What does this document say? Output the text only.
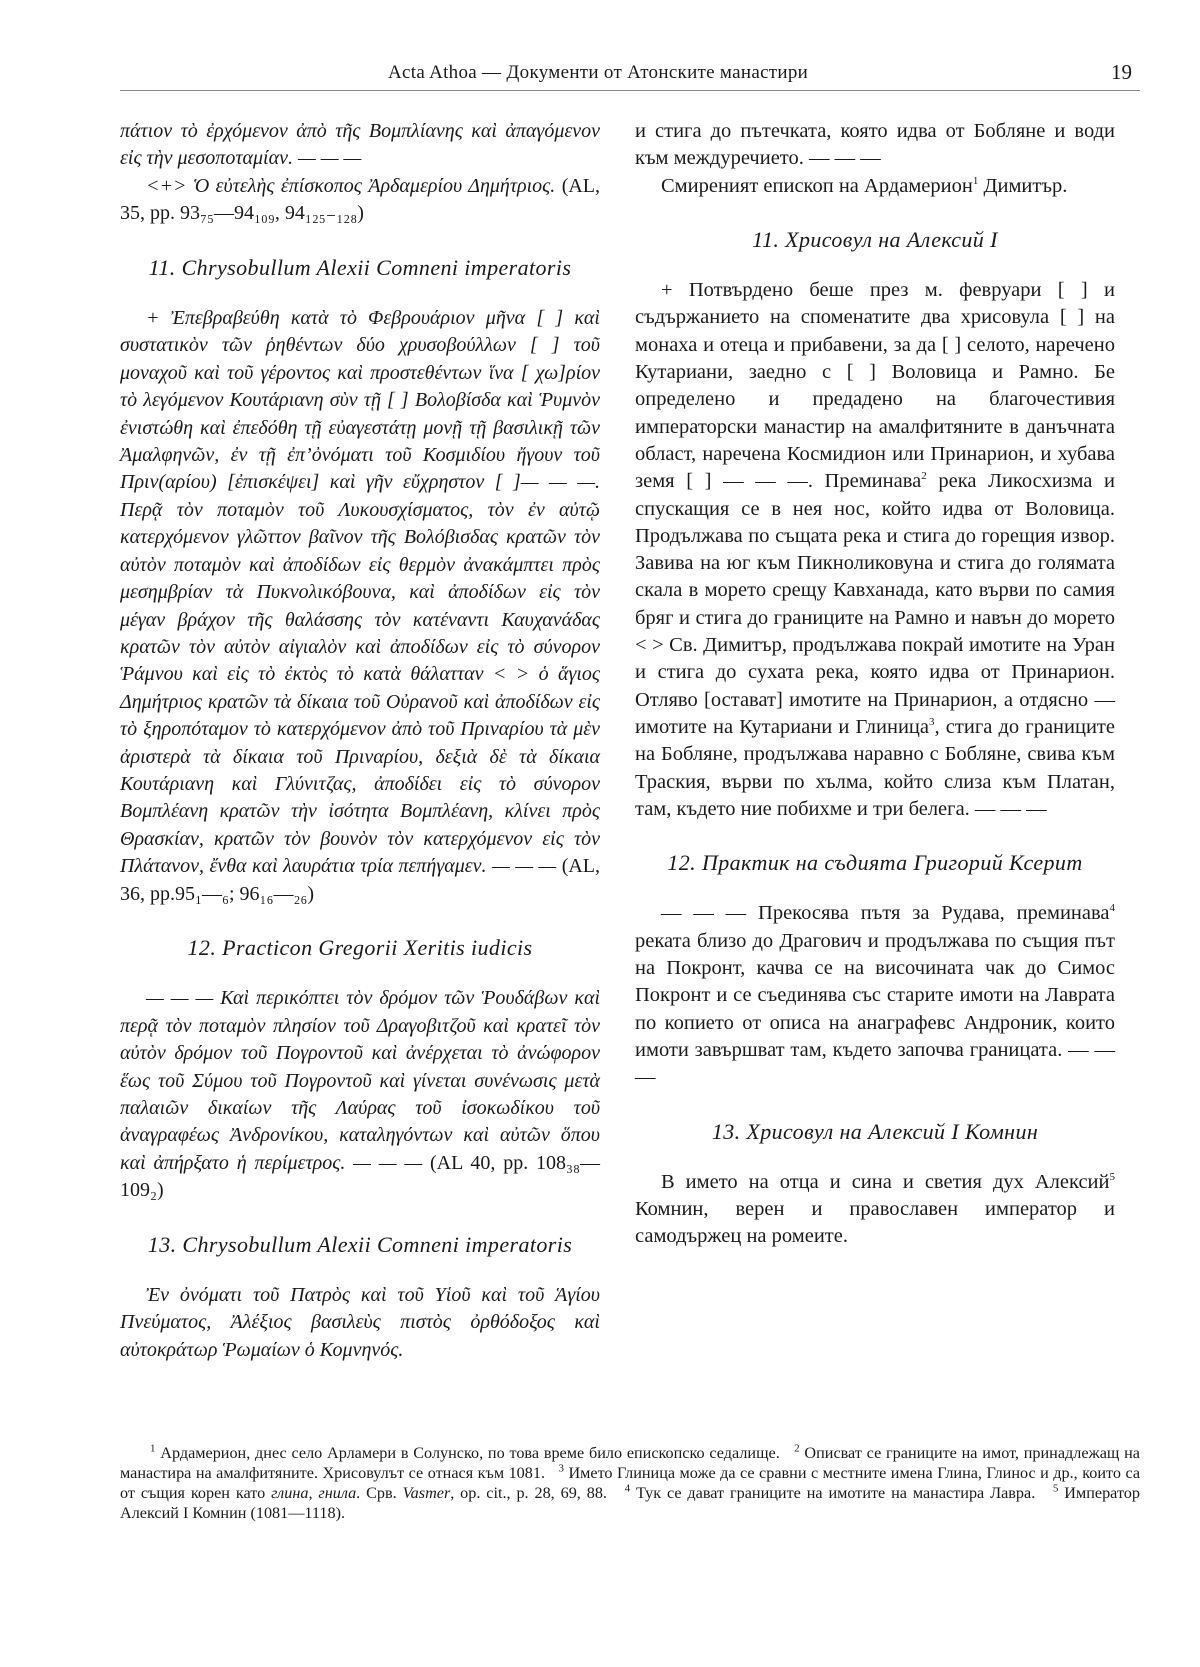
Acta Athoa — Документи от Атонските манастири	19

πάτιον τὸ ἐρχόμενον ἀπὸ τῆς Βομπλίανης καὶ ἀπαγόμενον εἰς τὴν μεσοποταμίαν. — — —

<+> Ὁ εὐτελὴς ἐπίσκοπος Ἀρδαμερίου Δημήτριος. (AL, 35, pp. 93₇₅—94₁₀₉, 94₁₂₅₋₁₂₈)

11. Chrysobullum Alexii Comneni imperatoris

+ Ἐπεβραβεύθη κατὰ τὸ Φεβρουάριον μῆνα [ ] καὶ συστατικὸν τῶν ῥηθέντων δύο χρυσοβούλλων [ ] τοῦ μοναχοῦ καὶ τοῦ γέροντος καὶ προστεθέντων ἵνα [ χω]ρίον τὸ λεγόμενον Κουτάριανη σὺν τῇ [ ] Βολοβίσδα καὶ Ῥυμνὸν ἐνιστώθη καὶ ἐπεδόθη τῇ εὐαγεστάτῃ μονῇ τῇ βασιλικῇ τῶν Ἀμαλφηνῶν, ἐν τῇ ἐπ’ὀνόματι τοῦ Κοσμιδίου ἤγουν τοῦ Πριν(αρίου) [ἐπισκέψει] καὶ γῆν εὔχρηστον [ ]— — —. Περᾷ τὸν ποταμὸν τοῦ Λυκουσχίσματος, τὸν ἐν αὐτῷ κατερχόμενον γλῶττον βαῖνον τῆς Βολόβισδας κρατῶν τὸν αὐτὸν ποταμὸν καὶ ἀποδίδων εἰς θερμὸν ἀνακάμπτει πρὸς μεσημβρίαν τὰ Πυκνολικόβουνα, καὶ ἀποδίδων εἰς τὸν μέγαν βράχον τῆς θαλάσσης τὸν κατέναντι Καυχανάδας κρατῶν τὸν αὐτὸν αἰγιαλὸν καὶ ἀποδίδων εἰς τὸ σύνορον Ῥάμνου καὶ εἰς τὸ ἐκτὸς τὸ κατὰ θάλατταν < > ὁ ἅγιος Δημήτριος κρατῶν τὰ δίκαια τοῦ Οὐρανοῦ καὶ ἀποδίδων εἰς τὸ ξηροπόταμον τὸ κατερχόμενον ἀπὸ τοῦ Πριναρίου τὰ μὲν ἀριστερὰ τὰ δίκαια τοῦ Πριναρίου, δεξιὰ δὲ τὰ δίκαια Κουτάριανη καὶ Γλύνιτζας, ἀποδίδει εἰς τὸ σύνορον Βομπλέανη κρατῶν τὴν ἰσότητα Βομπλέανη, κλίνει πρὸς Θρασκίαν, κρατῶν τὸν βουνὸν τὸν κατερχόμενον εἰς τὸν Πλάτανον, ἔνθα καὶ λαυράτια τρία πεπήγαμεν. — — — (AL, 36, pp.95₁—₆; 96₁₆—₂₆)

12. Practicon Gregorii Xeritis iudicis

— — — Καὶ περικόπτει τὸν δρόμον τῶν Ῥουδάβων καὶ περᾷ τὸν ποταμὸν πλησίον τοῦ Δραγοβιτζοῦ καὶ κρατεῖ τὸν αὐτὸν δρόμον τοῦ Πογροντοῦ καὶ ἀνέρχεται τὸ ἀνώφορον ἕως τοῦ Σύμου τοῦ Πογροντοῦ καὶ γίνεται συνένωσις μετὰ παλαιῶν δικαίων τῆς Λαύρας τοῦ ἰσοκωδίκου τοῦ ἀναγραφέως Ἀνδρονίκου, καταληγόντων καὶ αὐτῶν ὅπου καὶ ἀπήρξατο ἡ περίμετρος. — — — (AL 40, pp. 108₃₈—109₂)

13. Chrysobullum Alexii Comneni imperatoris

Ἐν ὀνόματι τοῦ Πατρὸς καὶ τοῦ Υἱοῦ καὶ τοῦ Ἁγίου Πνεύματος, Ἀλέξιος βασιλεὺς πιστὸς ὀρθόδοξος καὶ αὐτοκράτωρ Ῥωμαίων ὁ Κομνηνός.

и стига до пътечката, която идва от Бобляне и води към междуречието. — — —

Смиреният епископ на Ардамерион$^1$ Димитър.

11. Хрисовул на Алексий I

+ Потвърдено беше през м. февруари [ ] и съдържанието на споменатите два хрисовула [ ] на монаха и отеца и прибавени, за да [ ] селото, наречено Кутариани, заедно с [ ] Воловица и Рамно. Бе определено и предадено на благочестивия императорски манастир на амалфитяните в данъчната област, наречена Космидион или Принарион, и хубава земя [ ] — — —. Преминава$^2$ река Ликосхизма и спускащия се в нея нос, който идва от Воловица. Продължава по същата река и стига до горещия извор. Завива на юг към Пикноликовуна и стига до голямата скала в морето срещу Кавханада, като върви по самия бряг и стига до границите на Рамно и навън до морето < > Св. Димитър, продължава покрай имотите на Уран и стига до сухата река, която идва от Принарион. Отляво [остават] имотите на Принарион, а отдясно — имотите на Кутариани и Глиница$^3$, стига до границите на Бобляне, продължава наравно с Бобляне, свива към Траския, върви по хълма, който слиза към Платан, там, където ние побихме и три белега. — — —

12. Практик на съдията Григорий Ксерит

— — — Прекосява пътя за Рудава, преминава$^4$ реката близо до Драгович и продължава по същия път на Покронт, качва се на височината чак до Симос Покронт и се съединява със старите имоти на Лаврата по копието от описа на анаграфевс Андроник, които имоти завършват там, където започва границата. — — —

13. Хрисовул на Алексий I Комнин

В името на отца и сина и светия дух Алексий$^5$ Комнин, верен и православен император и самодържец на ромеите.

$^1$ Ардамерион, днес село Арламери в Солунско, по това време било епископско седалище. $^2$ Описват се границите на имот, принадлежащ на манастира на амалфитяните. Хрисовулът се отнася към 1081. $^3$ Името Глиница може да се сравни с местните имена Глина, Глинос и др., които са от същия корен като глина, гнила. Срв. Vasmer, op. cit., p. 28, 69, 88. $^4$ Тук се дават границите на имотите на манастира Лавра. $^5$ Император Алексий I Комнин (1081—1118).
